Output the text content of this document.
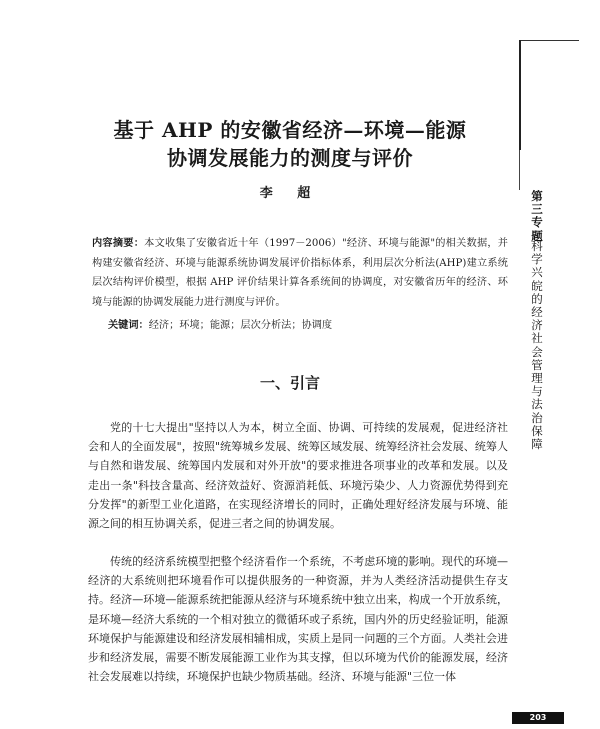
第三专题
科学兴皖的经济社会管理与法治保障
基于 AHP 的安徽省经济—环境—能源
协调发展能力的测度与评价
李 超
内容摘要：本文收集了安徽省近十年（1997－2006）"经济、环境与能源"的相关数据，并构建安徽省经济、环境与能源系统协调发展评价指标体系，利用层次分析法(AHP)建立系统层次结构评价模型，根据 AHP 评价结果计算各系统间的协调度，对安徽省历年的经济、环境与能源的协调发展能力进行测度与评价。
关键词：经济；环境；能源；层次分析法；协调度
一、引言

党的十七大提出"坚持以人为本，树立全面、协调、可持续的发展观，促进经济社会和人的全面发展"，按照"统筹城乡发展、统筹区域发展、统筹经济社会发展、统筹人与自然和谐发展、统筹国内发展和对外开放"的要求推进各项事业的改革和发展。以及走出一条"科技含量高、经济效益好、资源消耗低、环境污染少、人力资源优势得到充分发挥"的新型工业化道路，在实现经济增长的同时，正确处理好经济发展与环境、能源之间的相互协调关系，促进三者之间的协调发展。

传统的经济系统模型把整个经济看作一个系统，不考虑环境的影响。现代的环境—经济的大系统则把环境看作可以提供服务的一种资源，并为人类经济活动提供生存支持。经济—环境—能源系统把能源从经济与环境系统中独立出来，构成一个开放系统，是环境—经济大系统的一个相对独立的微循环或子系统，国内外的历史经验证明，能源环境保护与能源建设和经济发展相辅相成，实质上是同一问题的三个方面。人类社会进步和经济发展，需要不断发展能源工业作为其支撑，但以环境为代价的能源发展，经济社会发展难以持续，环境保护也缺少物质基础。经济、环境与能源"三位一体

203
